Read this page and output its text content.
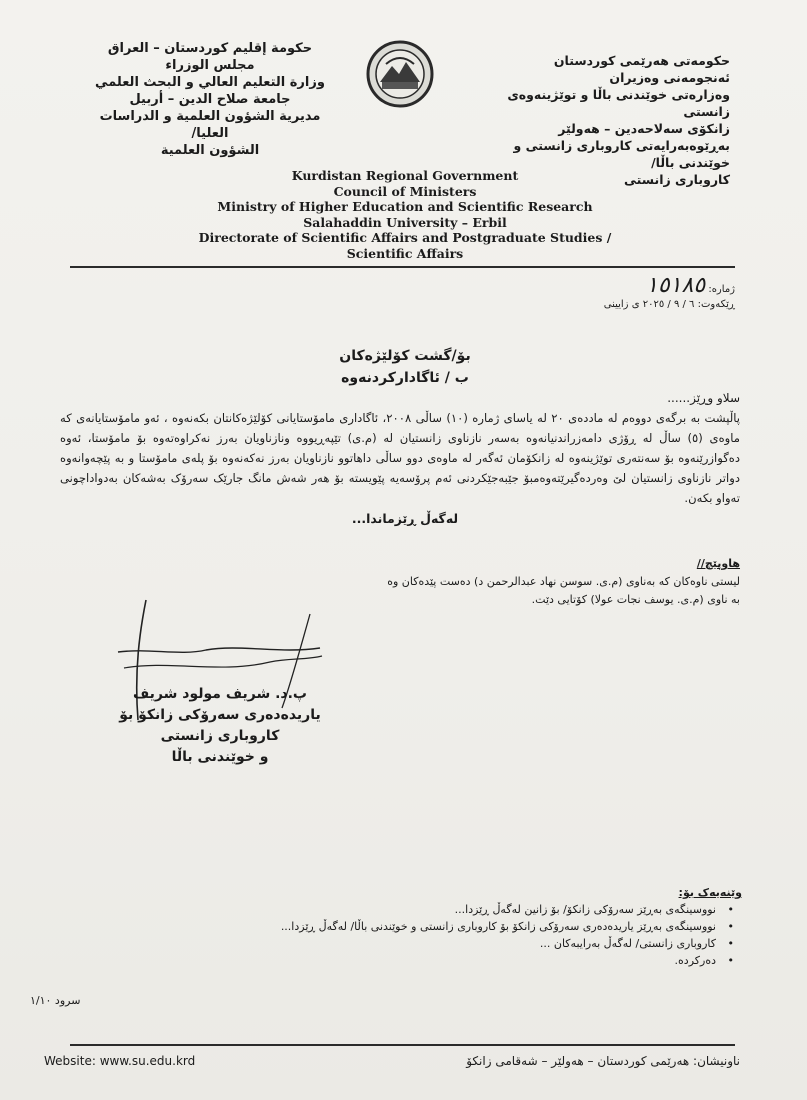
حكومة إقليم كوردستان – العراق
مجلس الوزراء
وزارة التعليم العالي و البحث العلمي
جامعة صلاح الدين – أربيل
مديرية الشؤون العلمية و الدراسات العليا/
الشؤون العلمية
حکومەتی هەرێمی کوردستان
ئەنجومەنی وەزیران
وەزارەتی خوێندنی باڵا و توێژینەوەی زانستی
زانکۆی سەلاحەدین – هەولێر
بەڕێوەبەرایەتی کاروباری زانستی و خوێندنی باڵا/
کاروباری زانستی
Kurdistan Regional Government
Council of Ministers
Ministry of Higher Education and Scientific Research
Salahaddin University – Erbil
Directorate of Scientific Affairs and Postgraduate Studies /
Scientific Affairs
ژمارە: ١٥١٨٥
ڕێکەوت: ٦ / ٩ / ٢٠٢٥ ی زایینی
بۆ/گشت کۆلێژەکان
ب / ئاگادارکردنەوە
سلاو وڕێز......
پاڵپشت بە برگەی دووەم لە ماددەی ٢٠ لە یاسای ژمارە (١٠) ساڵی ٢٠٠٨، ئاگاداری مامۆستایانی کۆلێژەکانتان بکەنەوە ، ئەو مامۆستایانەی کە ماوەی (٥) ساڵ لە ڕۆژی دامەزراندنیانەوە بەسەر نازناوی زانستیان لە (م.ی) تێپەڕیووە ونازناویان بەرز نەکراوەتەوە بۆ مامۆستا، ئەوە دەگوازرێنەوە بۆ سەنتەری توێژینەوە لە زانکۆمان ئەگەر لە ماوەی دوو ساڵی داهاتوو نازناویان بەرز نەکەنەوە بۆ پلەی مامۆستا و بە پێچەوانەوە دواتر نازناوی زانستیان لێ وەردەگیرێتەوەمبۆ جێبەجێکردنی ئەم پرۆسەیە پێویستە بۆ هەر شەش مانگ جارێک سەرۆک بەشەکان بەدواداچونی تەواو بکەن.
لەگەڵ ڕێزماندا...
هاوپێچ//
لیستی ناوەکان کە بەناوی (م.ی. سوسن نهاد عبدالرحمن د) دەست پێدەکان وە
بە ناوی (م.ی. یوسف نجات عولا) کۆتایی دێت.
پ.د. شریف مولود شریف
یاریدەدەری سەرۆکی زانکۆ بۆ کاروباری زانستی
و خوێندنی باڵا
وێنەیەک بۆ:
• نووسینگەی بەڕێز سەرۆکی زانکۆ/ بۆ زانین لەگەڵ ڕێزدا...
• نووسینگەی بەڕێز یاریدەدەری سەرۆکی زانکۆ بۆ کاروباری زانستی و خوێندنی باڵا/ لەگەڵ ڕێزدا...
• کاروباری زانستی/ لەگەڵ بەرایبەکان ...
• دەرکردە.
سرود ١/١٠
Website: www.su.edu.krd	ناونیشان: هەرێمی کوردستان – هەولێر – شەقامی زانکۆ
